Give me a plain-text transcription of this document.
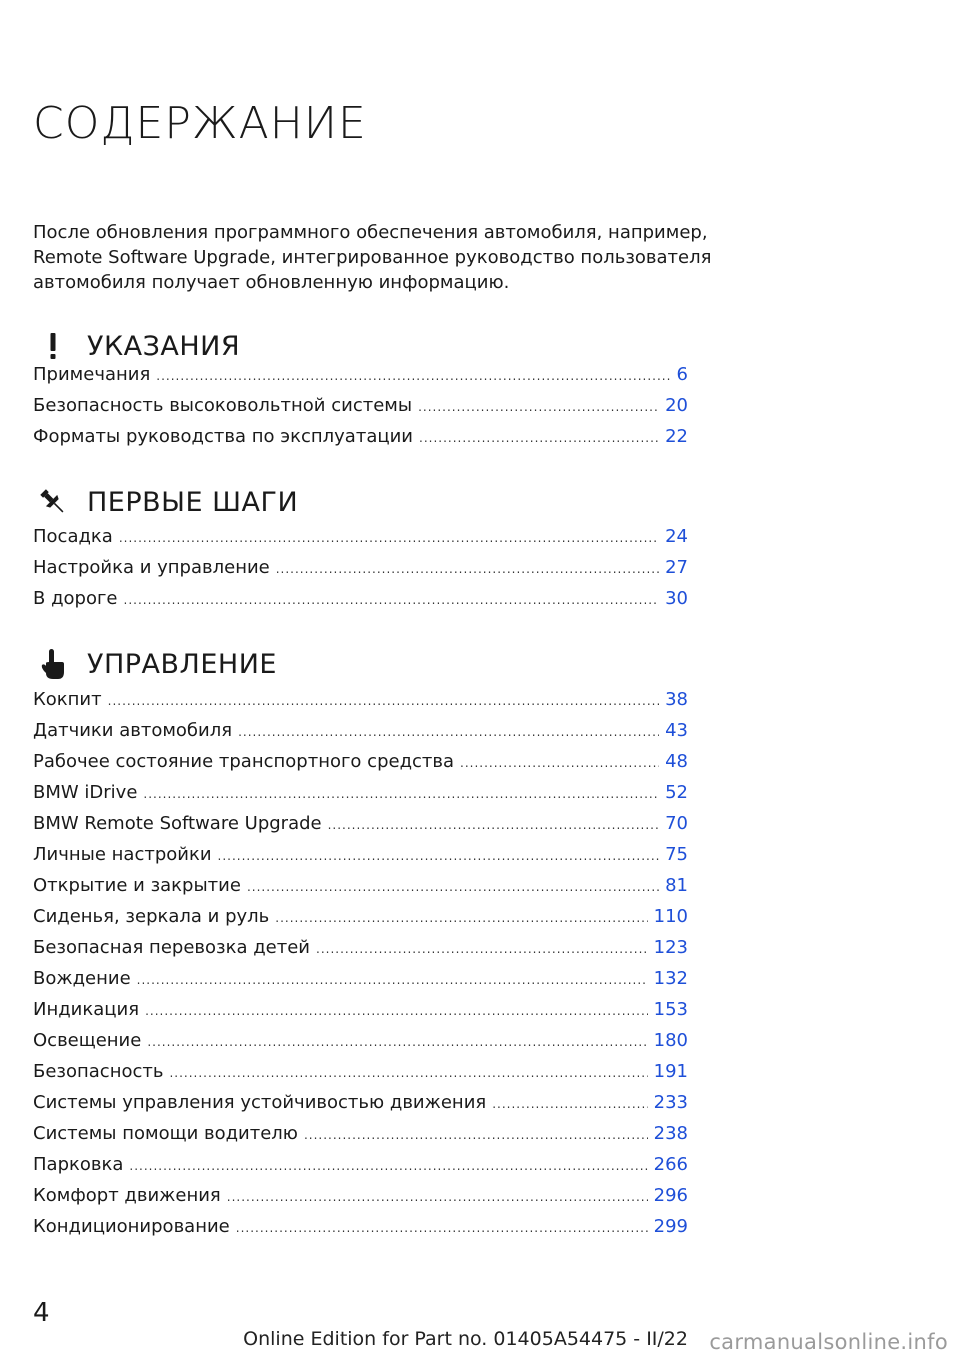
СОДЕРЖАНИЕ
После обновления программного обеспечения автомобиля, например, Remote Software Upgrade, интегрированное руководство пользователя автомобиля получает обновленную информацию.
УКАЗАНИЯ
Примечания .....	6
Безопасность высоковольтной системы .....	20
Форматы руководства по эксплуатации .....	22
ПЕРВЫЕ ШАГИ
Посадка .....	24
Настройка и управление .....	27
В дороге .....	30
УПРАВЛЕНИЕ
Кокпит .....	38
Датчики автомобиля .....	43
Рабочее состояние транспортного средства .....	48
BMW iDrive .....	52
BMW Remote Software Upgrade .....	70
Личные настройки .....	75
Открытие и закрытие .....	81
Сиденья, зеркала и руль .....	110
Безопасная перевозка детей .....	123
Вождение .....	132
Индикация .....	153
Освещение .....	180
Безопасность .....	191
Системы управления устойчивостью движения .....	233
Системы помощи водителю .....	238
Парковка .....	266
Комфорт движения .....	296
Кондиционирование .....	299
4
Online Edition for Part no. 01405A54475 - II/22 carmanualsonline.info
